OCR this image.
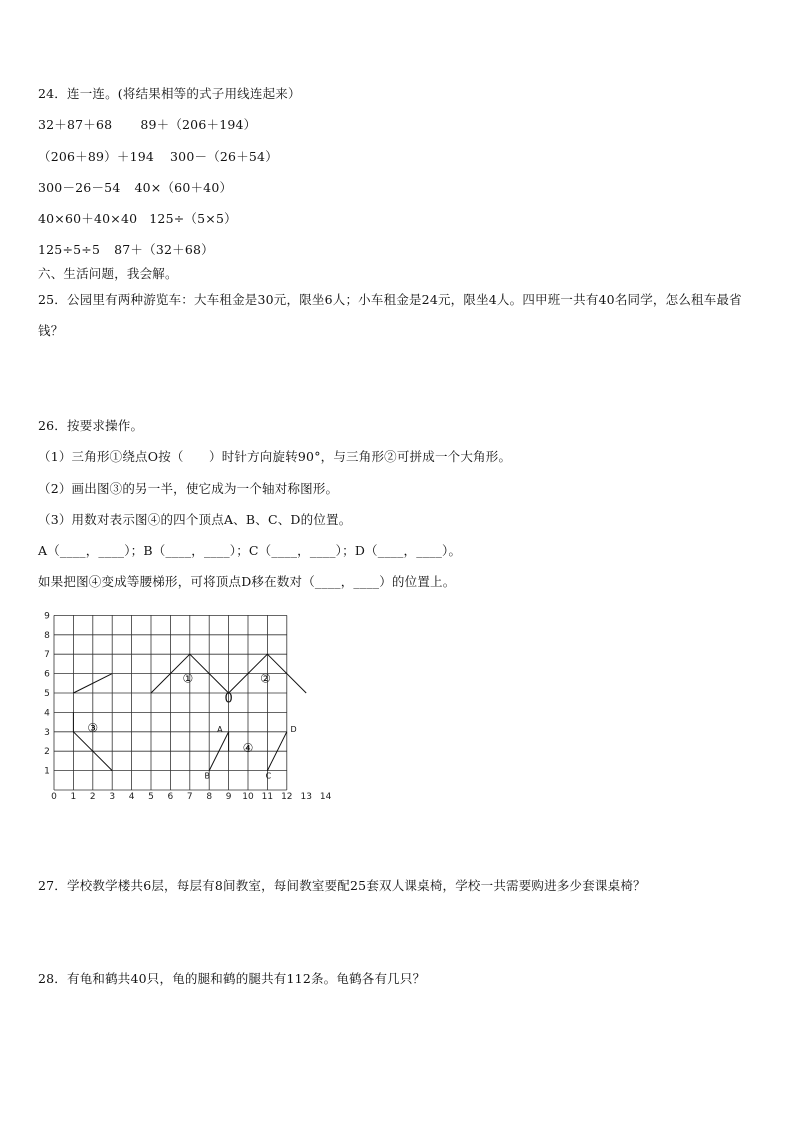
24．连一连。(将结果相等的式子用线连起来）
32＋87＋68 89＋（206＋194）
（206＋89）＋194 300－（26＋54）
300－26－54 40×（60＋40）
40×60＋40×40 125÷（5×5）
125÷5÷5 87＋（32＋68）
六、生活问题，我会解。
25．公园里有两种游览车：大车租金是30元，限坐6人；小车租金是24元，限坐4人。四甲班一共有40名同学，怎么租车最省钱？
26．按要求操作。
（1）三角形①绕点O按（　　）时针方向旋转90°，与三角形②可拼成一个大角形。
（2）画出图③的另一半，使它成为一个轴对称图形。
（3）用数对表示图④的四个顶点A、B、C、D的位置。
A（____，____）；B（____，____）；C（____，____）；D（____，____）。
如果把图④变成等腰梯形，可将顶点D移在数对（____，____）的位置上。
0 1 2 3 4 5 6 7 8 9 10 11 12 13 14
1
2
3
4
5
6
7
8
9
①	②
③
④
0
A
B	C
D
27．学校教学楼共6层，每层有8间教室，每间教室要配25套双人课桌椅，学校一共需要购进多少套课桌椅？
28．有龟和鹤共40只，龟的腿和鹤的腿共有112条。龟鹤各有几只？
